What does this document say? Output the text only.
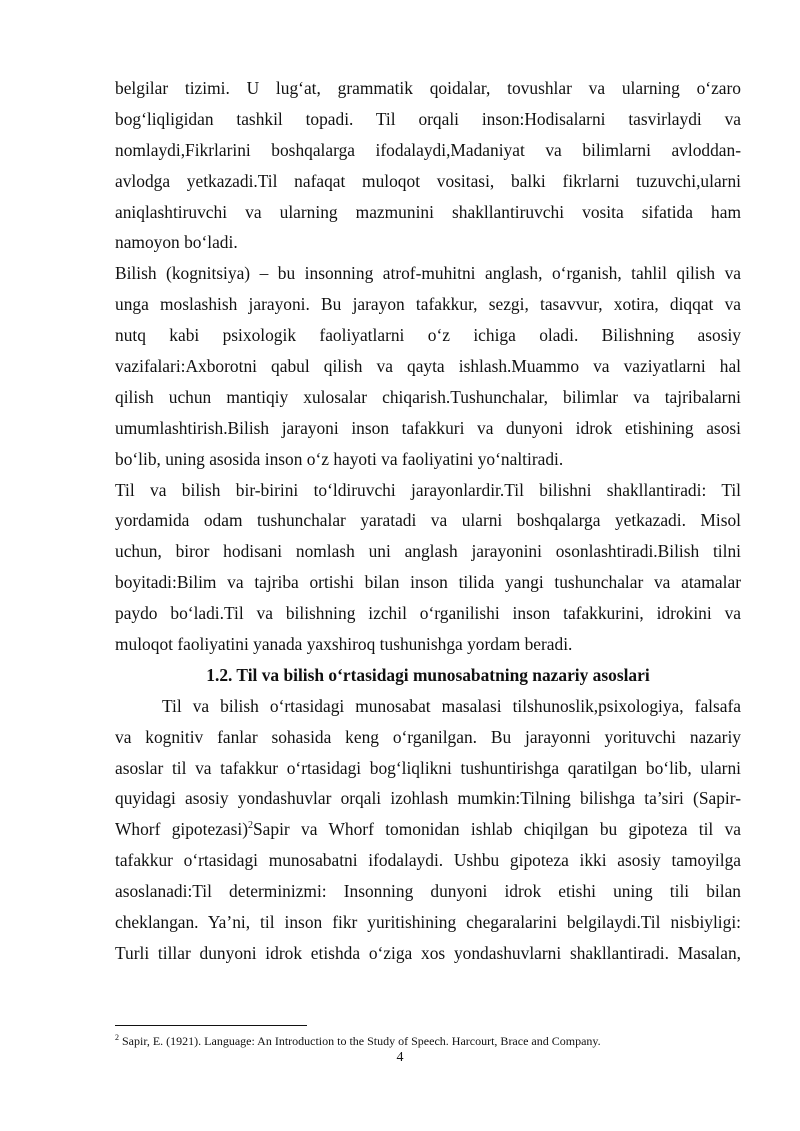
belgilar tizimi. U lug‘at, grammatik qoidalar, tovushlar va ularning o‘zaro
bog‘liqligidan tashkil topadi. Til orqali inson:Hodisalarni tasvirlaydi va
nomlaydi,Fikrlarini boshqalarga ifodalaydi,Madaniyat va bilimlarni avloddan-
avlodga yetkazadi.Til nafaqat muloqot vositasi, balki fikrlarni tuzuvchi,ularni
aniqlashtiruvchi va ularning mazmunini shakllantiruvchi vosita sifatida ham
namoyon bo‘ladi.
Bilish (kognitsiya) – bu insonning atrof-muhitni anglash, o‘rganish, tahlil qilish va
unga moslashish jarayoni. Bu jarayon tafakkur, sezgi, tasavvur, xotira, diqqat va
nutq kabi psixologik faoliyatlarni o‘z ichiga oladi. Bilishning asosiy
vazifalari:Axborotni qabul qilish va qayta ishlash.Muammo va vaziyatlarni hal
qilish uchun mantiqiy xulosalar chiqarish.Tushunchalar, bilimlar va tajribalarni
umumlashtirish.Bilish jarayoni inson tafakkuri va dunyoni idrok etishining asosi
bo‘lib, uning asosida inson o‘z hayoti va faoliyatini yo‘naltiradi.
Til va bilish bir-birini to‘ldiruvchi jarayonlardir.Til bilishni shakllantiradi: Til
yordamida odam tushunchalar yaratadi va ularni boshqalarga yetkazadi. Misol
uchun, biror hodisani nomlash uni anglash jarayonini osonlashtiradi.Bilish tilni
boyitadi:Bilim va tajriba ortishi bilan inson tilida yangi tushunchalar va atamalar
paydo bo‘ladi.Til va bilishning izchil o‘rganilishi inson tafakkurini, idrokini va
muloqot faoliyatini yanada yaxshiroq tushunishga yordam beradi.
1.2. Til va bilish o‘rtasidagi munosabatning nazariy asoslari
Til va bilish o‘rtasidagi munosabat masalasi tilshunoslik,psixologiya, falsafa
va kognitiv fanlar sohasida keng o‘rganilgan. Bu jarayonni yorituvchi nazariy
asoslar til va tafakkur o‘rtasidagi bog‘liqlikni tushuntirishga qaratilgan bo‘lib, ularni
quyidagi asosiy yondashuvlar orqali izohlash mumkin:Tilning bilishga ta’siri (Sapir-
Whorf gipotezasi)$^2$Sapir va Whorf tomonidan ishlab chiqilgan bu gipoteza til va
tafakkur o‘rtasidagi munosabatni ifodalaydi. Ushbu gipoteza ikki asosiy tamoyilga
asoslanadi:Til determinizmi: Insonning dunyoni idrok etishi uning tili bilan
cheklangan. Ya’ni, til inson fikr yuritishining chegaralarini belgilaydi.Til nisbiyligi:
Turli tillar dunyoni idrok etishda o‘ziga xos yondashuvlarni shakllantiradi. Masalan,
$^2$ Sapir, E. (1921). Language: An Introduction to the Study of Speech. Harcourt, Brace and Company.
4
